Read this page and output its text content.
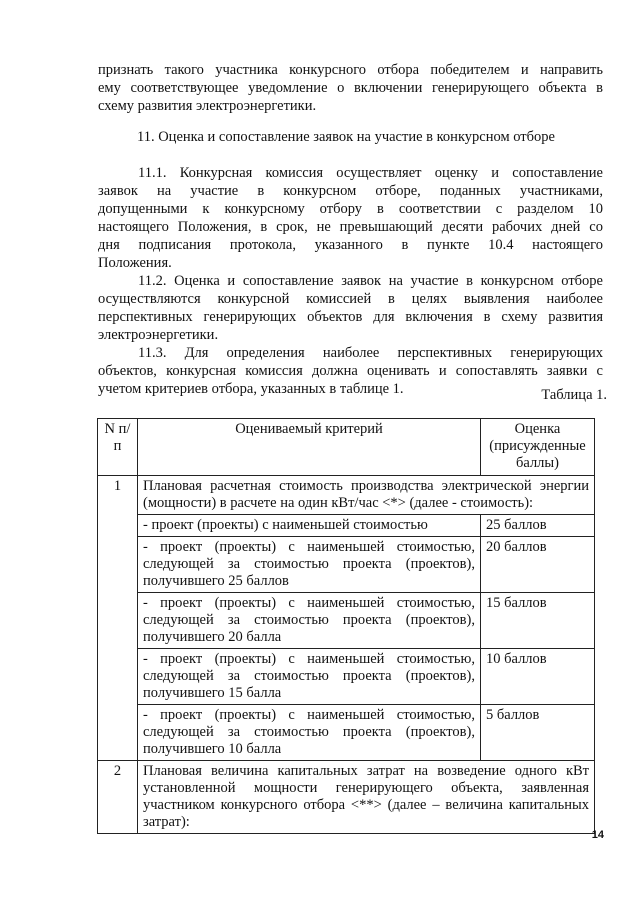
признать такого участника конкурсного отбора победителем и направить
ему соответствующее уведомление о включении генерирующего объекта в
схему развития электроэнергетики.
11. Оценка и сопоставление заявок на участие в конкурсном отборе
11.1. Конкурсная комиссия осуществляет оценку и сопоставление
заявок на участие в конкурсном отборе, поданных участниками,
допущенными к конкурсному отбору в соответствии с разделом 10
настоящего Положения, в срок, не превышающий десяти рабочих дней со
дня подписания протокола, указанного в пункте 10.4 настоящего
Положения.
11.2. Оценка и сопоставление заявок на участие в конкурсном отборе
осуществляются конкурсной комиссией в целях выявления наиболее
перспективных генерирующих объектов для включения в схему развития
электроэнергетики.
11.3. Для определения наиболее перспективных генерирующих
объектов, конкурсная комиссия должна оценивать и сопоставлять заявки с
учетом критериев отбора, указанных в таблице 1.	Таблица 1.
N п/п	Оцениваемый критерий	Оценка (присужденные баллы)
1	Плановая расчетная стоимость производства электрической энергии (мощности) в расчете на один кВт/час <*> (далее - стоимость):	
	- проект (проекты) с наименьшей стоимостью	25 баллов
	- проект (проекты) с наименьшей стоимостью, следующей за стоимостью проекта (проектов), получившего 25 баллов	20 баллов
	- проект (проекты) с наименьшей стоимостью, следующей за стоимостью проекта (проектов), получившего 20 балла	15 баллов
	- проект (проекты) с наименьшей стоимостью, следующей за стоимостью проекта (проектов), получившего 15 балла	10 баллов
	- проект (проекты) с наименьшей стоимостью, следующей за стоимостью проекта (проектов), получившего 10 балла	5 баллов
2	Плановая величина капитальных затрат на возведение одного кВт установленной мощности генерирующего объекта, заявленная участником конкурсного отбора <**> (далее – величина капитальных затрат):	
14
